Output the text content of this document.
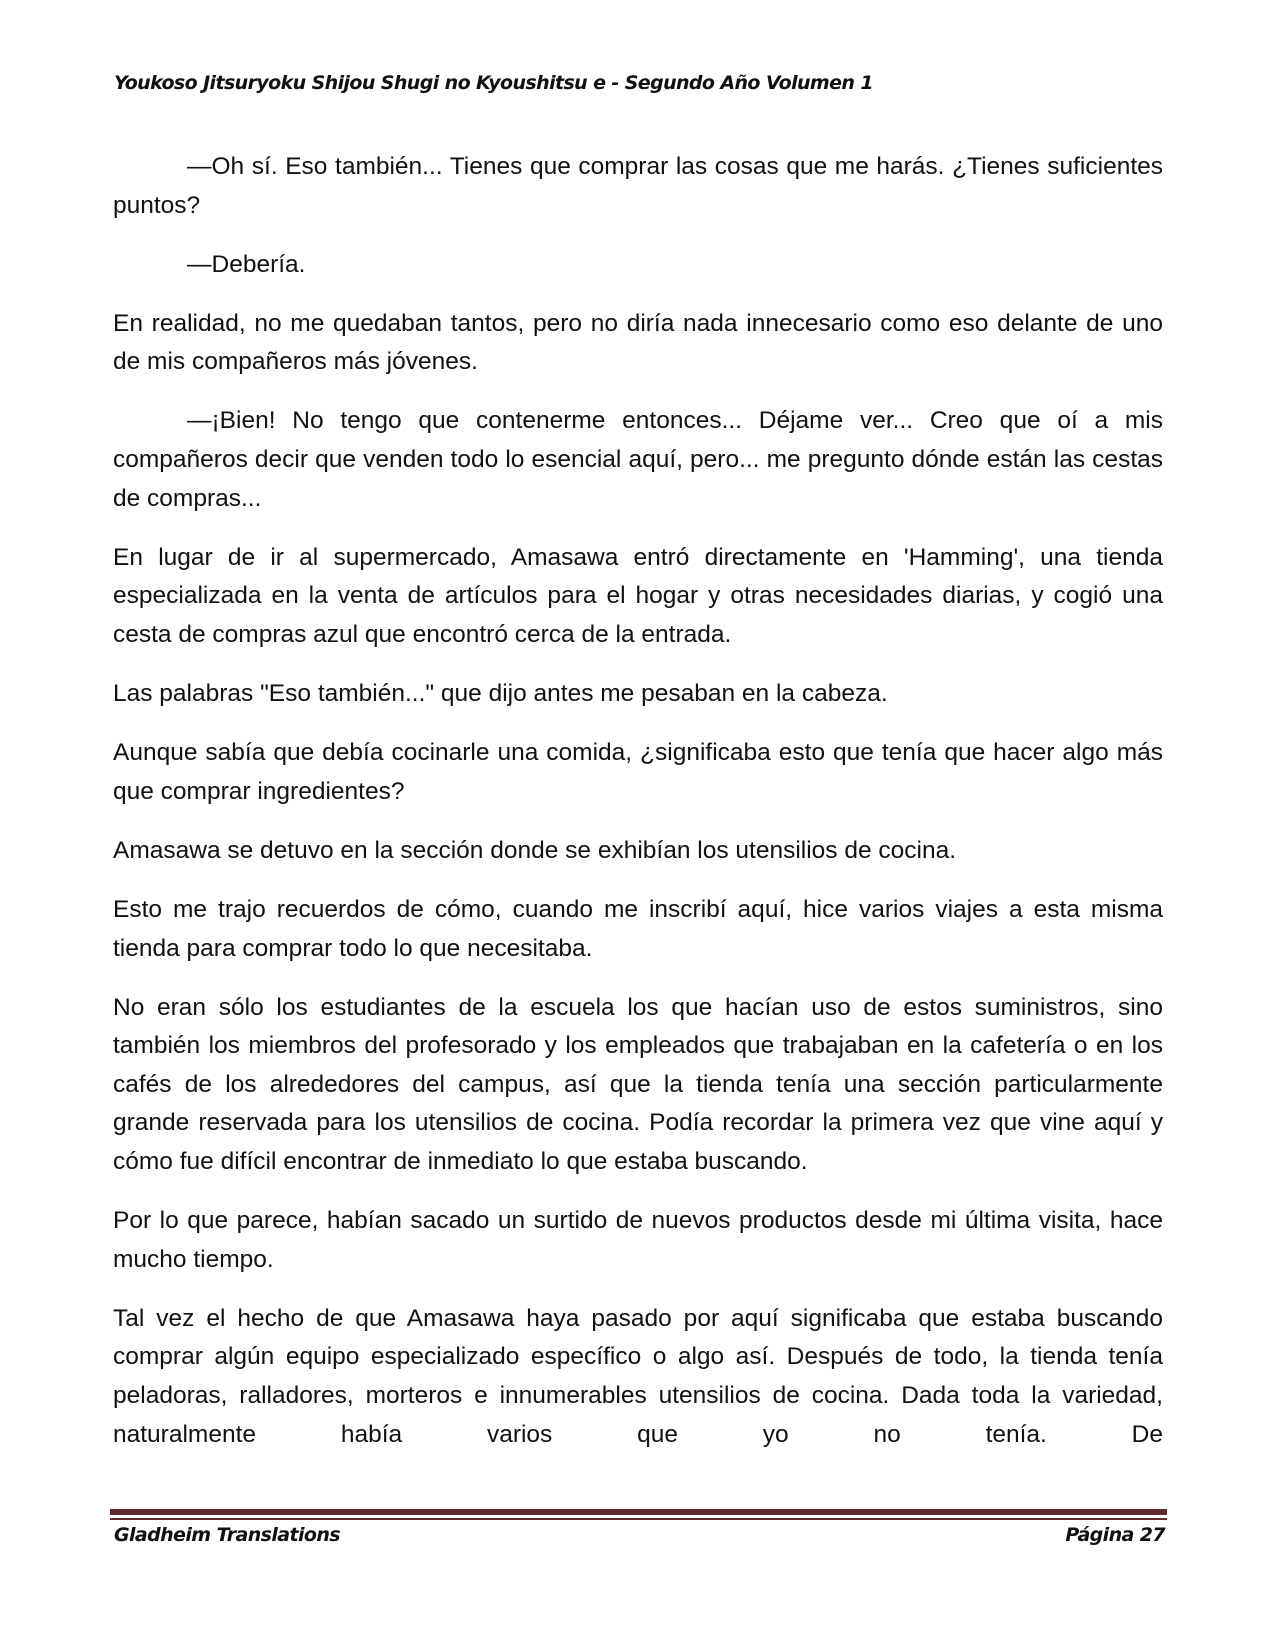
Youkoso Jitsuryoku Shijou Shugi no Kyoushitsu e - Segundo Año Volumen 1

—Oh sí. Eso también... Tienes que comprar las cosas que me harás. ¿Tienes suficientes puntos?

—Debería.

En realidad, no me quedaban tantos, pero no diría nada innecesario como eso delante de uno de mis compañeros más jóvenes.

—¡Bien! No tengo que contenerme entonces... Déjame ver... Creo que oí a mis compañeros decir que venden todo lo esencial aquí, pero... me pregunto dónde están las cestas de compras...

En lugar de ir al supermercado, Amasawa entró directamente en 'Hamming', una tienda especializada en la venta de artículos para el hogar y otras necesidades diarias, y cogió una cesta de compras azul que encontró cerca de la entrada.

Las palabras "Eso también..." que dijo antes me pesaban en la cabeza.

Aunque sabía que debía cocinarle una comida, ¿significaba esto que tenía que hacer algo más que comprar ingredientes?

Amasawa se detuvo en la sección donde se exhibían los utensilios de cocina.

Esto me trajo recuerdos de cómo, cuando me inscribí aquí, hice varios viajes a esta misma tienda para comprar todo lo que necesitaba.

No eran sólo los estudiantes de la escuela los que hacían uso de estos suministros, sino también los miembros del profesorado y los empleados que trabajaban en la cafetería o en los cafés de los alrededores del campus, así que la tienda tenía una sección particularmente grande reservada para los utensilios de cocina. Podía recordar la primera vez que vine aquí y cómo fue difícil encontrar de inmediato lo que estaba buscando.

Por lo que parece, habían sacado un surtido de nuevos productos desde mi última visita, hace mucho tiempo.

Tal vez el hecho de que Amasawa haya pasado por aquí significaba que estaba buscando comprar algún equipo especializado específico o algo así. Después de todo, la tienda tenía peladoras, ralladores, morteros e innumerables utensilios de cocina. Dada toda la variedad, naturalmente había varios que yo no tenía. De

Gladheim Translations	Página 27
